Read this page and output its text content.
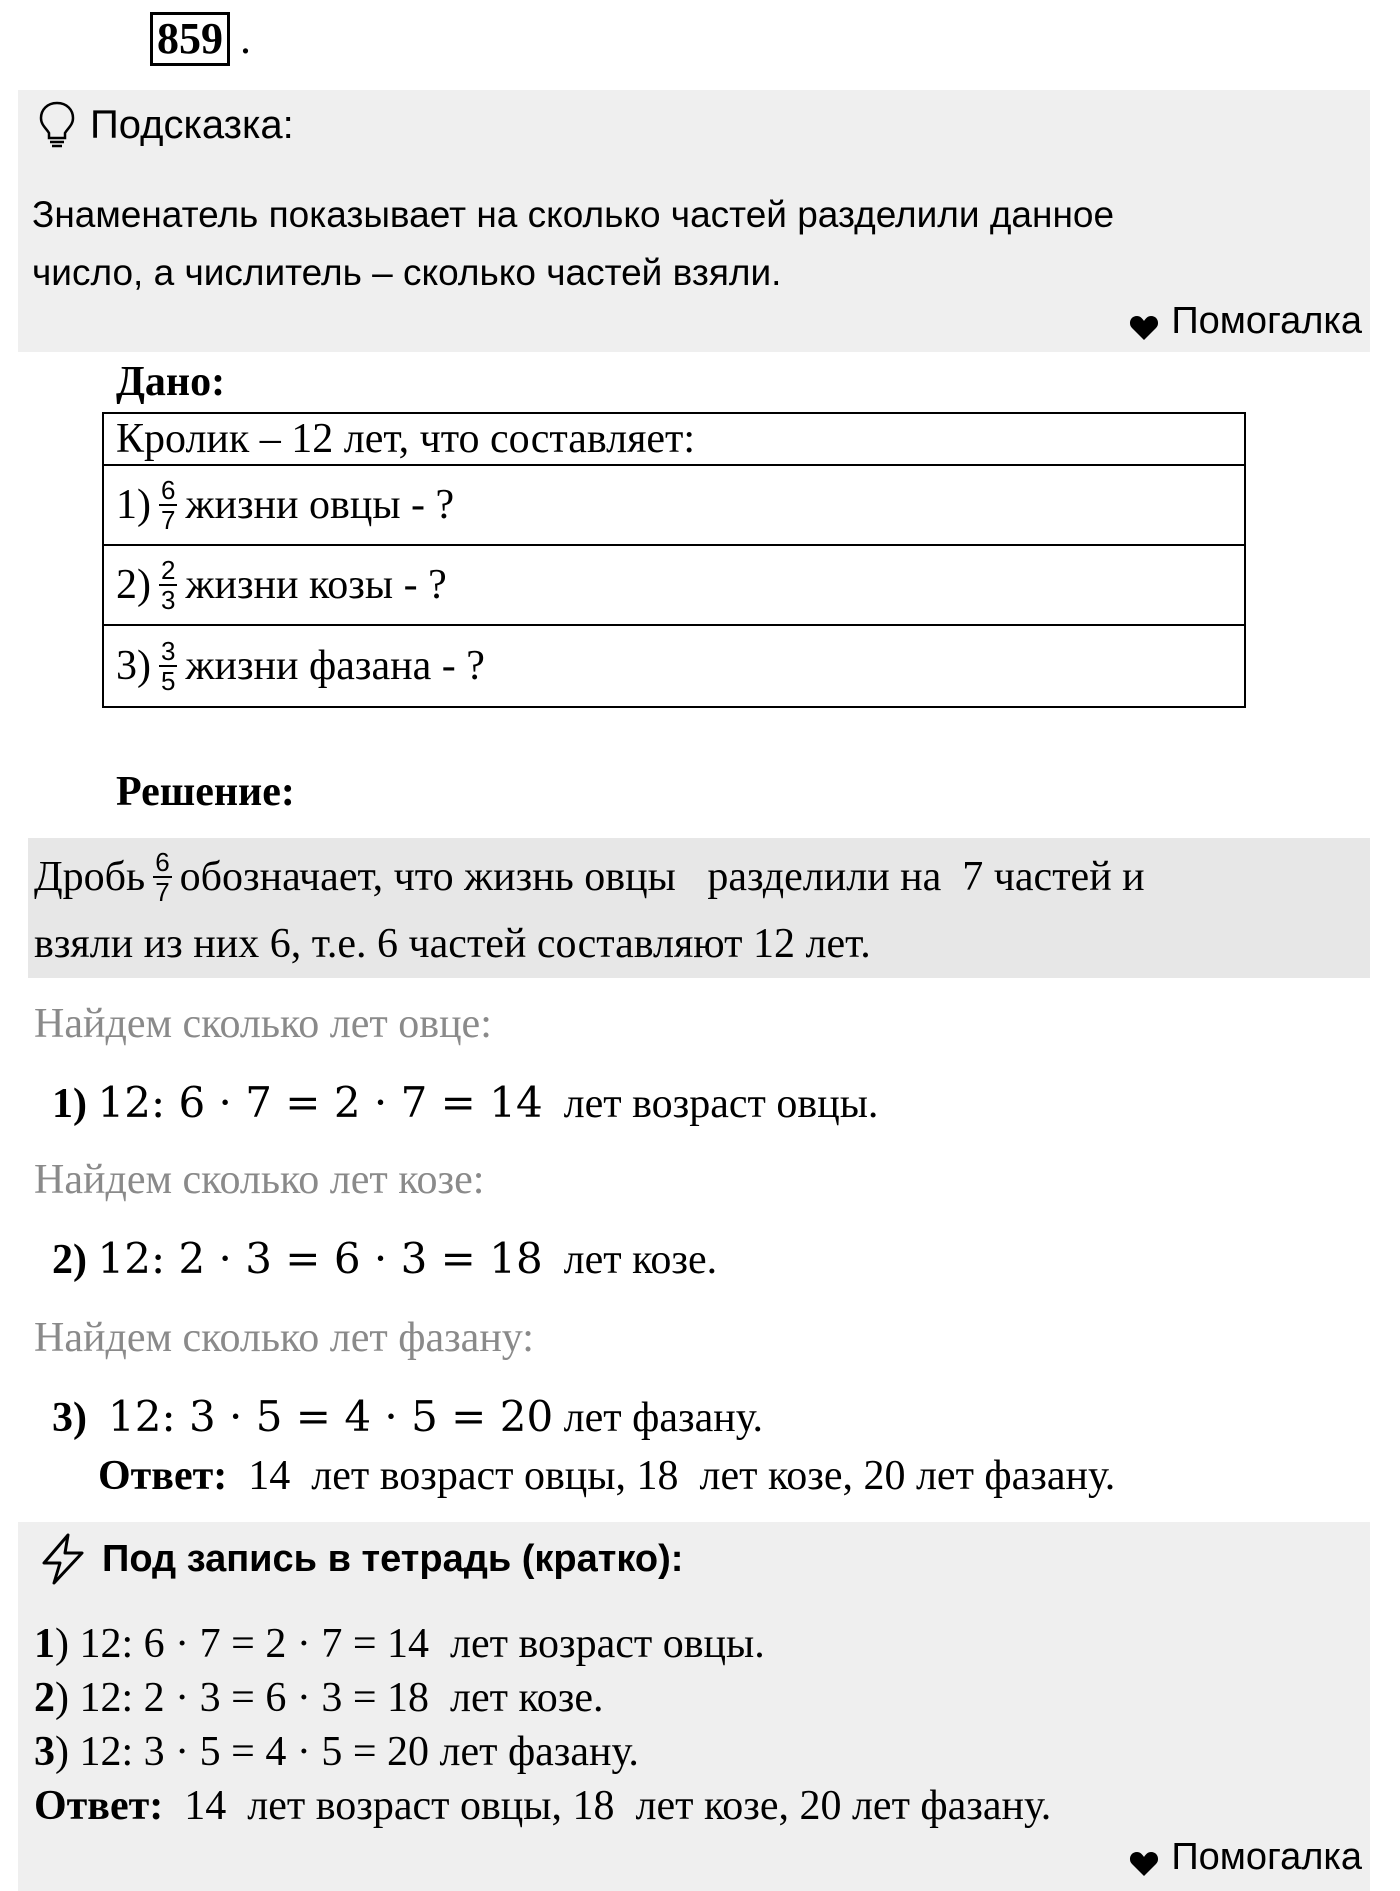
859 .
Подсказка:
Знаменатель показывает на сколько частей разделили данное
число, а числитель – сколько частей взяли.
Помогалка
Дано:
Кролик – 12 лет, что составляет:
$1) \frac{6}{7}$ жизни овцы - ?
$2) \frac{2}{3}$ жизни козы - ?
$3) \frac{3}{5}$ жизни фазана - ?
Решение:
Дробь $\frac{6}{7}$ обозначает, что жизнь овцы   разделили на  7 частей и
взяли из них 6, т.е. 6 частей составляют 12 лет.
Найдем сколько лет овце:
1)
12: 6 · 7 = 2 · 7 = 14
лет возраст овцы.
Найдем сколько лет козе:
2)
12: 2 · 3 = 6 · 3 = 18
лет козе.
Найдем сколько лет фазану:
3)
12: 3 · 5 = 4 · 5 = 20
лет фазану.
Ответ: 14  лет возраст овцы, 18  лет козе, 20 лет фазану.
Под запись в тетрадь (кратко):
1) 12: 6 · 7 = 2 · 7 = 14  лет возраст овцы.
2) 12: 2 · 3 = 6 · 3 = 18  лет козе.
3) 12: 3 · 5 = 4 · 5 = 20 лет фазану.
Ответ: 14  лет возраст овцы, 18  лет козе, 20 лет фазану.
Помогалка
